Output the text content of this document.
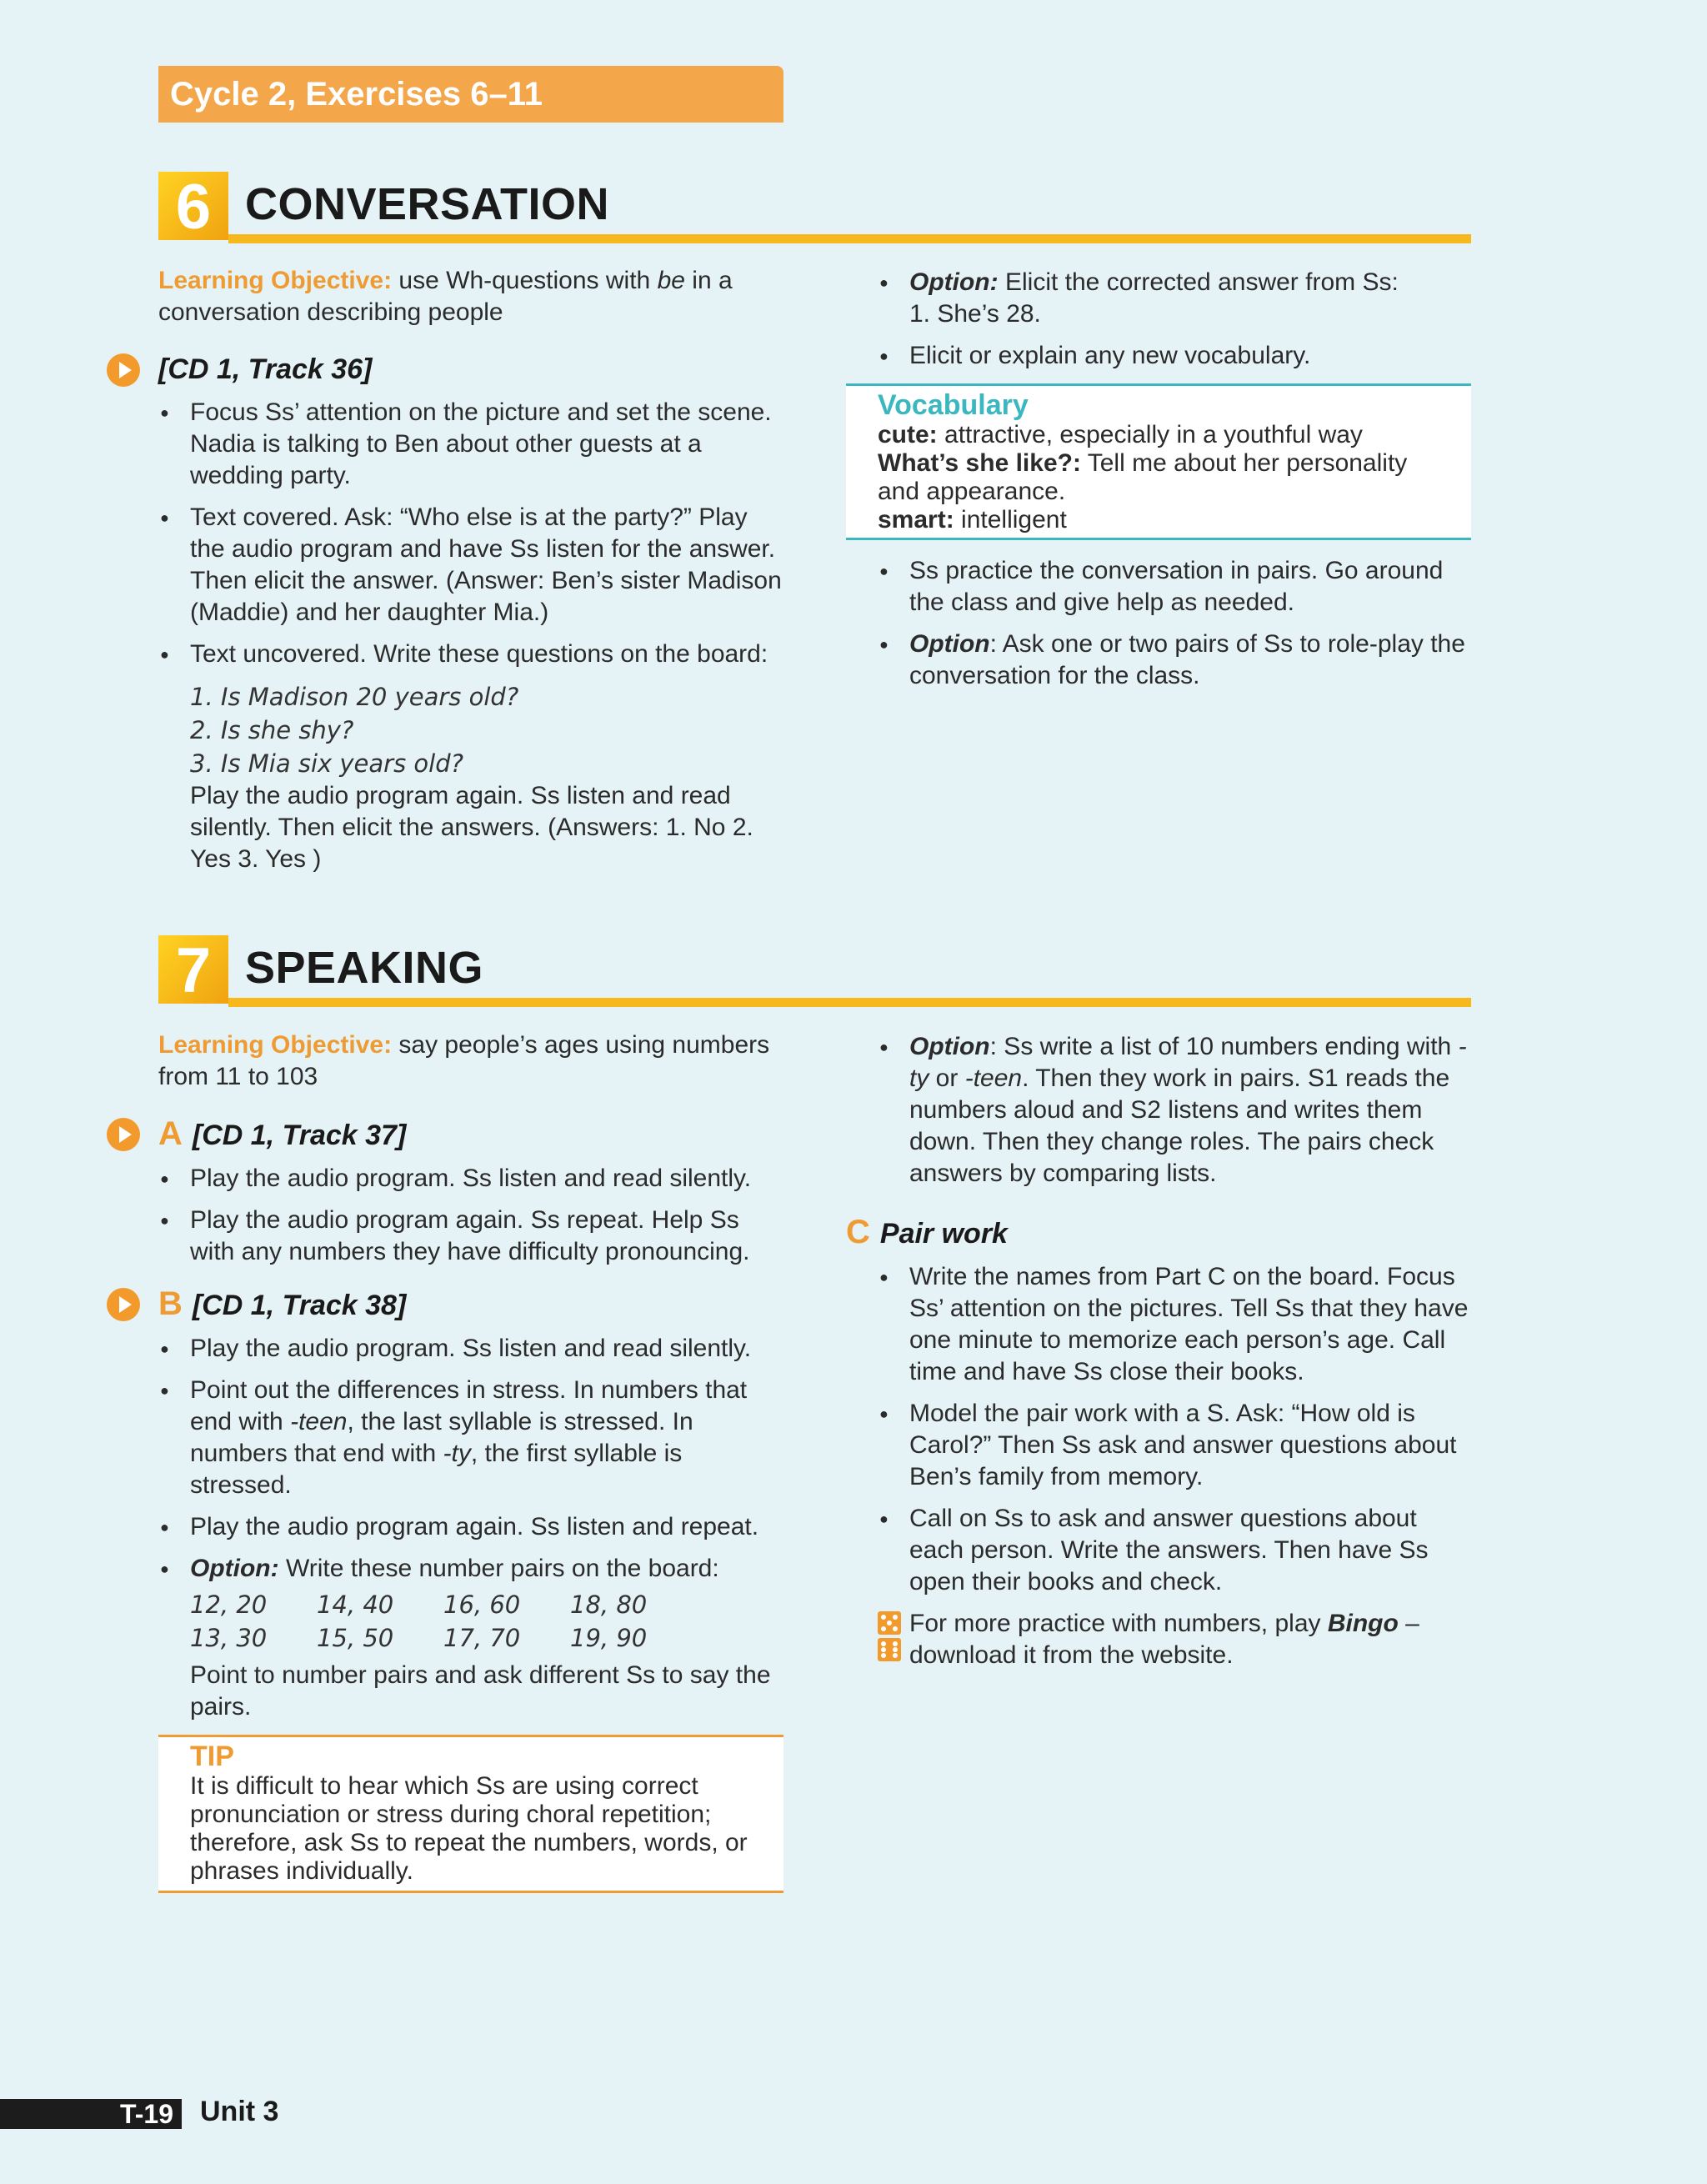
Cycle 2, Exercises 6–11
6 CONVERSATION
Learning Objective: use Wh-questions with be in a conversation describing people
[CD 1, Track 36]
● Focus Ss’ attention on the picture and set the scene. Nadia is talking to Ben about other guests at a wedding party.
● Text covered. Ask: “Who else is at the party?” Play the audio program and have Ss listen for the answer. Then elicit the answer. (Answer: Ben’s sister Madison (Maddie) and her daughter Mia.)
● Text uncovered. Write these questions on the board:
1. Is Madison 20 years old?
2. Is she shy?
3. Is Mia six years old?
Play the audio program again. Ss listen and read silently. Then elicit the answers. (Answers: 1. No 2. Yes 3. Yes )
● Option: Elicit the corrected answer from Ss:
1. She’s 28.
● Elicit or explain any new vocabulary.
Vocabulary
cute: attractive, especially in a youthful way
What’s she like?: Tell me about her personality and appearance.
smart: intelligent
● Ss practice the conversation in pairs. Go around the class and give help as needed.
● Option: Ask one or two pairs of Ss to role-play the conversation for the class.
7 SPEAKING
Learning Objective: say people’s ages using numbers from 11 to 103
A [CD 1, Track 37]
● Play the audio program. Ss listen and read silently.
● Play the audio program again. Ss repeat. Help Ss with any numbers they have difficulty pronouncing.
B [CD 1, Track 38]
● Play the audio program. Ss listen and read silently.
● Point out the differences in stress. In numbers that end with -teen, the last syllable is stressed. In numbers that end with -ty, the first syllable is stressed.
● Play the audio program again. Ss listen and repeat.
● Option: Write these number pairs on the board:
12, 20	14, 40	16, 60	18, 80
13, 30	15, 50	17, 70	19, 90
Point to number pairs and ask different Ss to say the pairs.
TIP
It is difficult to hear which Ss are using correct pronunciation or stress during choral repetition; therefore, ask Ss to repeat the numbers, words, or phrases individually.
● Option: Ss write a list of 10 numbers ending with -ty or -teen. Then they work in pairs. S1 reads the numbers aloud and S2 listens and writes them down. Then they change roles. The pairs check answers by comparing lists.
C Pair work
● Write the names from Part C on the board. Focus Ss’ attention on the pictures. Tell Ss that they have one minute to memorize each person’s age. Call time and have Ss close their books.
● Model the pair work with a S. Ask: “How old is Carol?” Then Ss ask and answer questions about Ben’s family from memory.
● Call on Ss to ask and answer questions about each person. Write the answers. Then have Ss open their books and check.
For more practice with numbers, play Bingo – download it from the website.
T-19 Unit 3
